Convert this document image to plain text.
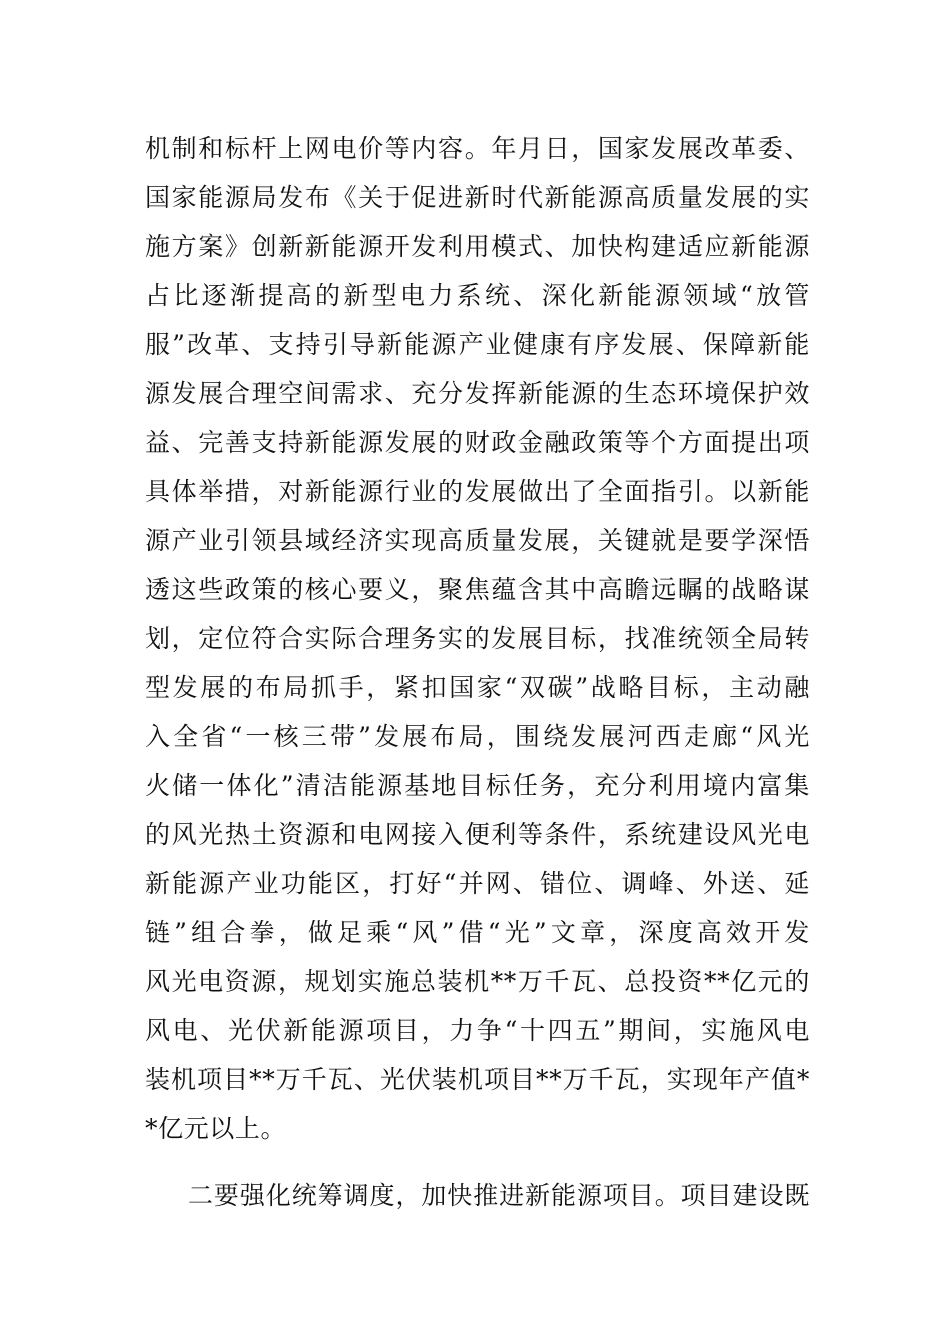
机制和标杆上网电价等内容。年月日，国家发展改革委、
国家能源局发布《关于促进新时代新能源高质量发展的实
施方案》创新新能源开发利用模式、加快构建适应新能源
占比逐渐提高的新型电力系统、深化新能源领域“放管
服”改革、支持引导新能源产业健康有序发展、保障新能
源发展合理空间需求、充分发挥新能源的生态环境保护效
益、完善支持新能源发展的财政金融政策等个方面提出项
具体举措，对新能源行业的发展做出了全面指引。以新能
源产业引领县域经济实现高质量发展，关键就是要学深悟
透这些政策的核心要义，聚焦蕴含其中高瞻远瞩的战略谋
划，定位符合实际合理务实的发展目标，找准统领全局转
型发展的布局抓手，紧扣国家“双碳”战略目标，主动融
入全省“一核三带”发展布局，围绕发展河西走廊“风光
火储一体化”清洁能源基地目标任务，充分利用境内富集
的风光热土资源和电网接入便利等条件，系统建设风光电
新能源产业功能区，打好“并网、错位、调峰、外送、延
链”组合拳，做足乘“风”借“光”文章，深度高效开发
风光电资源，规划实施总装机**万千瓦、总投资**亿元的
风电、光伏新能源项目，力争“十四五”期间，实施风电
装机项目**万千瓦、光伏装机项目**万千瓦，实现年产值*
*亿元以上。
二要强化统筹调度，加快推进新能源项目。项目建设既
